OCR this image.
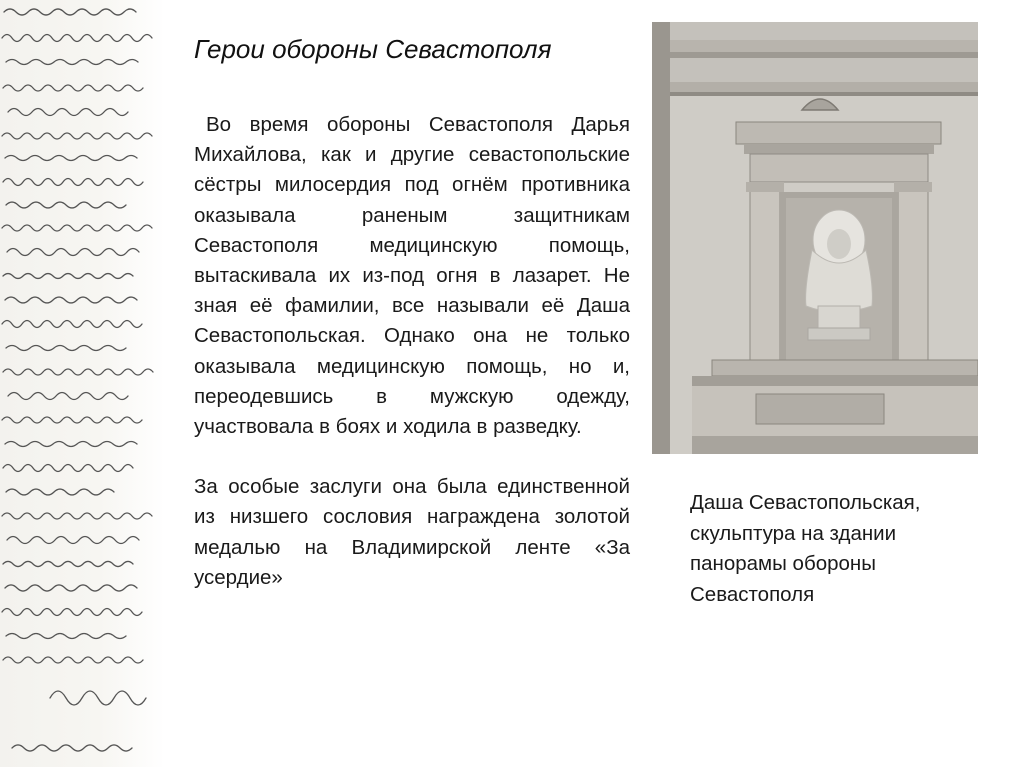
Герои обороны Севастополя

Во время обороны Севастополя Дарья Михайлова, как и другие севастопольские сёстры милосердия под огнём противника оказывала раненым защитникам Севастополя медицинскую помощь, вытаскивала их из-под огня в лазарет. Не зная её фамилии, все называли её Даша Севастопольская. Однако она не только оказывала медицинскую помощь, но и, переодевшись в мужскую одежду, участвовала в боях и ходила в разведку.

За особые заслуги она была единственной из низшего сословия награждена золотой медалью на Владимирской ленте «За усердие»

Даша Севастопольская, скульптура на здании панорамы обороны Севастополя
